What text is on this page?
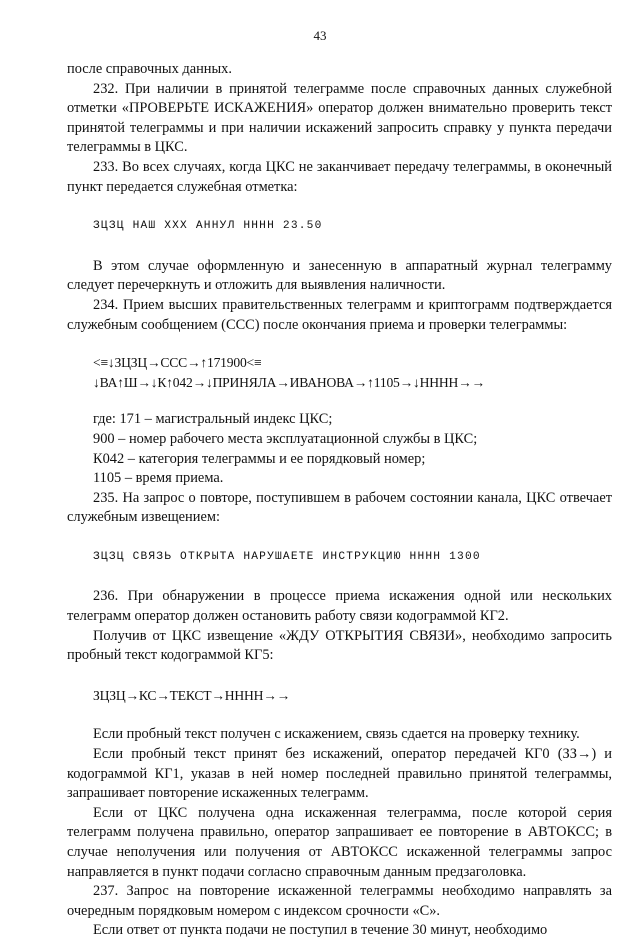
43

после справочных данных.

232. При наличии в принятой телеграмме после справочных данных служебной отметки «ПРОВЕРЬТЕ ИСКАЖЕНИЯ» оператор должен внимательно проверить текст принятой телеграммы и при наличии искажений запросить справку у пункта передачи телеграммы в ЦКС.

233. Во всех случаях, когда ЦКС не заканчивает передачу телеграммы, в оконечный пункт передается служебная отметка:

ЗЦЗЦ НАШ XXX АННУЛ НННН 23.50

В этом случае оформленную и занесенную в аппаратный журнал телеграмму следует перечеркнуть и отложить для выявления наличности.

234. Прием высших правительственных телеграмм и криптограмм подтверждается служебным сообщением (ССС) после окончания приема и проверки телеграммы:

<≡↓ЗЦЗЦ→ССС→↑171900<≡

↓ВА↑Ш→↓К↑042→↓ПРИНЯЛА→ИВАНОВА→↑1105→↓НННН→→

где: 171 – магистральный индекс ЦКС;

900 – номер рабочего места эксплуатационной службы в ЦКС;

К042 – категория телеграммы и ее порядковый номер;

1105 – время приема.

235. На запрос о повторе, поступившем в рабочем состоянии канала, ЦКС отвечает служебным извещением:

ЗЦЗЦ СВЯЗЬ ОТКРЫТА НАРУШАЕТЕ ИНСТРУКЦИЮ НННН 1300

236. При обнаружении в процессе приема искажения одной или нескольких телеграмм оператор должен остановить работу связи кодограммой КГ2.

Получив от ЦКС извещение «ЖДУ ОТКРЫТИЯ СВЯЗИ», необходимо запросить пробный текст кодограммой КГ5:

ЗЦЗЦ→КС→ТЕКСТ→НННН→→

Если пробный текст получен с искажением, связь сдается на проверку технику.

Если пробный текст принят без искажений, оператор передачей КГ0 (ЗЗ→) и кодограммой КГ1, указав в ней номер последней правильно принятой телеграммы, запрашивает повторение искаженных телеграмм.

Если от ЦКС получена одна искаженная телеграмма, после которой серия телеграмм получена правильно, оператор запрашивает ее повторение в АВТОКСС; в случае неполучения или получения от АВТОКСС искаженной телеграммы запрос направляется в пункт подачи согласно справочным данным предзаголовка.

237. Запрос на повторение искаженной телеграммы необходимо направлять за очередным порядковым номером с индексом срочности «С».

Если ответ от пункта подачи не поступил в течение 30 минут, необходимо
